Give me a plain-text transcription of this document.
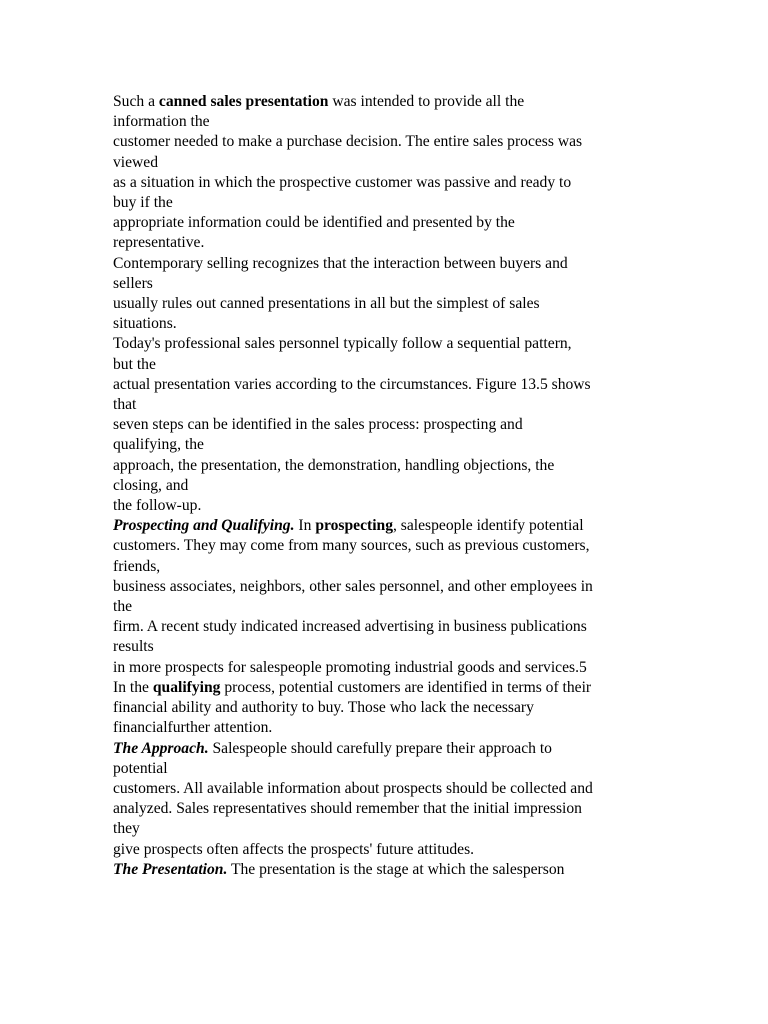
Such a canned sales presentation was intended to provide all the
information the
customer needed to make a purchase decision. The entire sales process was
viewed
as a situation in which the prospective customer was passive and ready to
buy if the
appropriate information could be identified and presented by the
representative.
Contemporary selling recognizes that the interaction between buyers and
sellers
usually rules out canned presentations in all but the simplest of sales
situations.
Today's professional sales personnel typically follow a sequential pattern,
but the
actual presentation varies according to the circumstances. Figure 13.5 shows
that
seven steps can be identified in the sales process: prospecting and
qualifying, the
approach, the presentation, the demonstration, handling objections, the
closing, and
the follow-up.
Prospecting and Qualifying. In prospecting, salespeople identify potential
customers. They may come from many sources, such as previous customers,
friends,
business associates, neighbors, other sales personnel, and other employees in
the
firm. A recent study indicated increased advertising in business publications
results
in more prospects for salespeople promoting industrial goods and services.5
In the qualifying process, potential customers are identified in terms of their
financial ability and authority to buy. Those who lack the necessary
financialfurther attention.
The Approach. Salespeople should carefully prepare their approach to
potential
customers. All available information about prospects should be collected and
analyzed. Sales representatives should remember that the initial impression
they
give prospects often affects the prospects' future attitudes.
The Presentation. The presentation is the stage at which the salesperson
